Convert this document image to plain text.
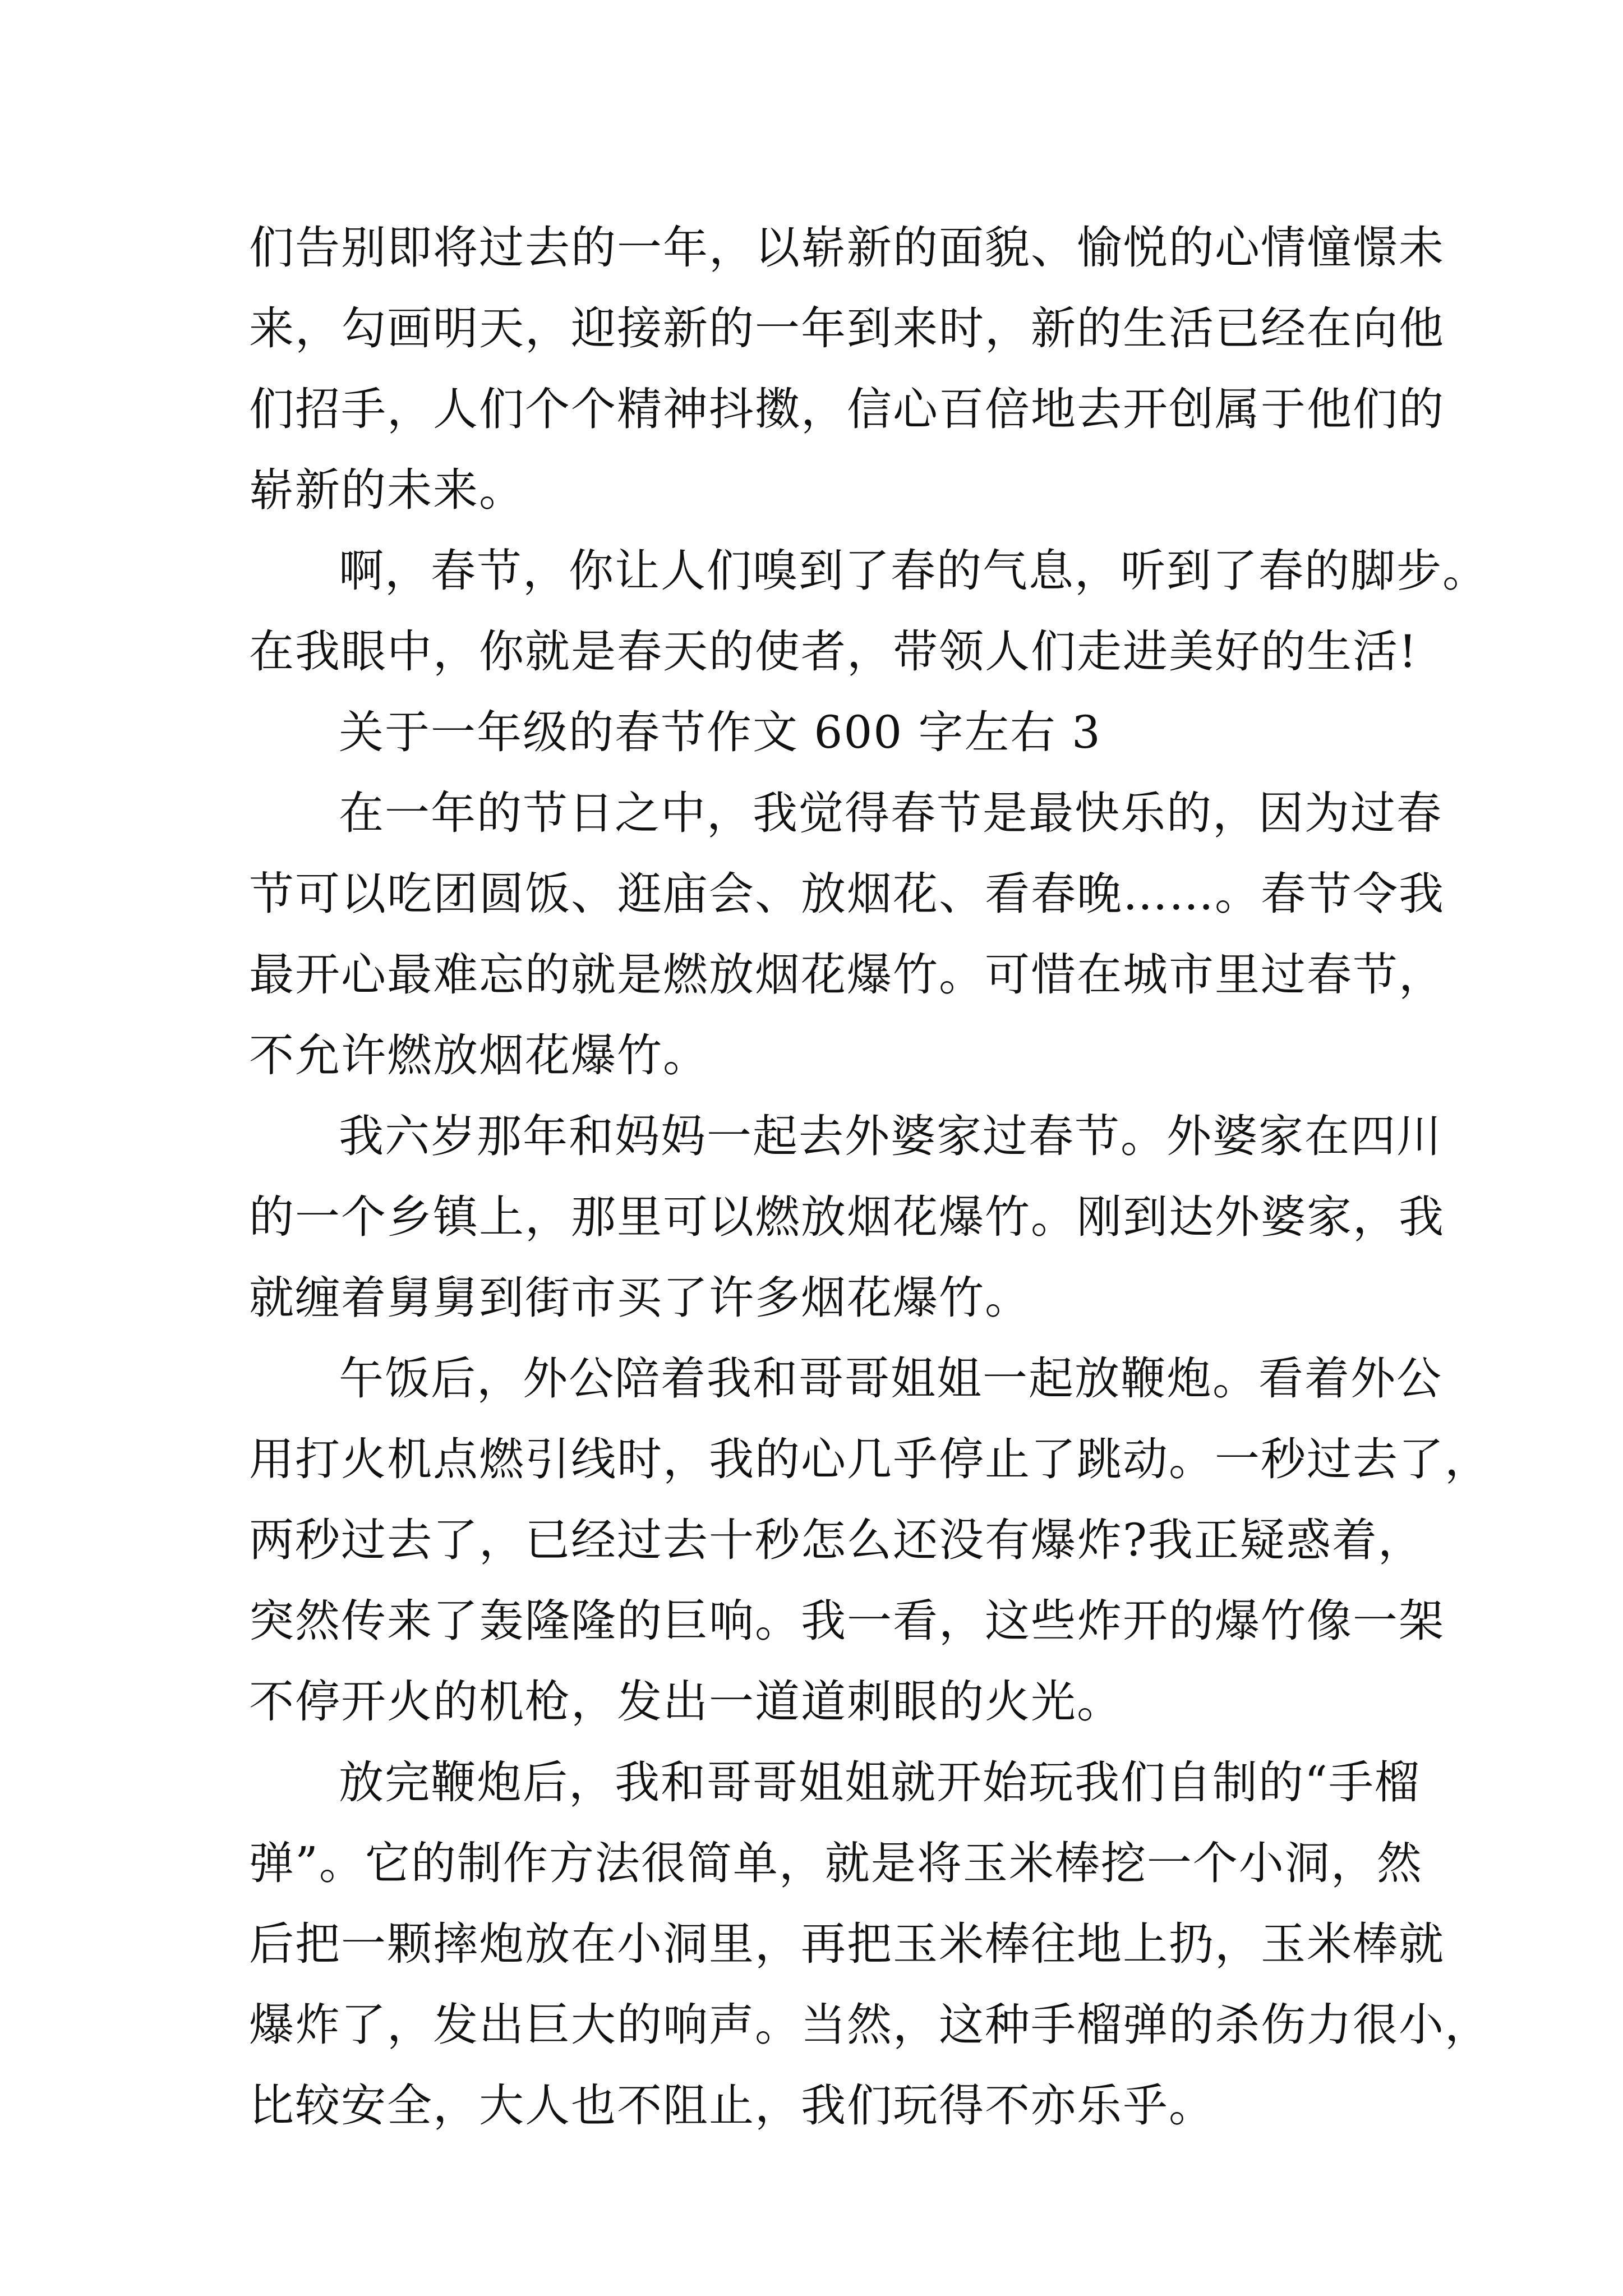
们告别即将过去的一年，以崭新的面貌、愉悦的心情憧憬未
来，勾画明天，迎接新的一年到来时，新的生活已经在向他
们招手，人们个个精神抖擞，信心百倍地去开创属于他们的
崭新的未来。
啊，春节，你让人们嗅到了春的气息，听到了春的脚步。
在我眼中，你就是春天的使者，带领人们走进美好的生活!
关于一年级的春节作文 600 字左右 3
在一年的节日之中，我觉得春节是最快乐的，因为过春
节可以吃团圆饭、逛庙会、放烟花、看春晚……。春节令我
最开心最难忘的就是燃放烟花爆竹。可惜在城市里过春节，
不允许燃放烟花爆竹。
我六岁那年和妈妈一起去外婆家过春节。外婆家在四川
的一个乡镇上，那里可以燃放烟花爆竹。刚到达外婆家，我
就缠着舅舅到街市买了许多烟花爆竹。
午饭后，外公陪着我和哥哥姐姐一起放鞭炮。看着外公
用打火机点燃引线时，我的心几乎停止了跳动。一秒过去了，
两秒过去了，已经过去十秒怎么还没有爆炸?我正疑惑着，
突然传来了轰隆隆的巨响。我一看，这些炸开的爆竹像一架
不停开火的机枪，发出一道道刺眼的火光。
放完鞭炮后，我和哥哥姐姐就开始玩我们自制的“手榴
弹”。它的制作方法很简单，就是将玉米棒挖一个小洞，然
后把一颗摔炮放在小洞里，再把玉米棒往地上扔，玉米棒就
爆炸了，发出巨大的响声。当然，这种手榴弹的杀伤力很小，
比较安全，大人也不阻止，我们玩得不亦乐乎。
